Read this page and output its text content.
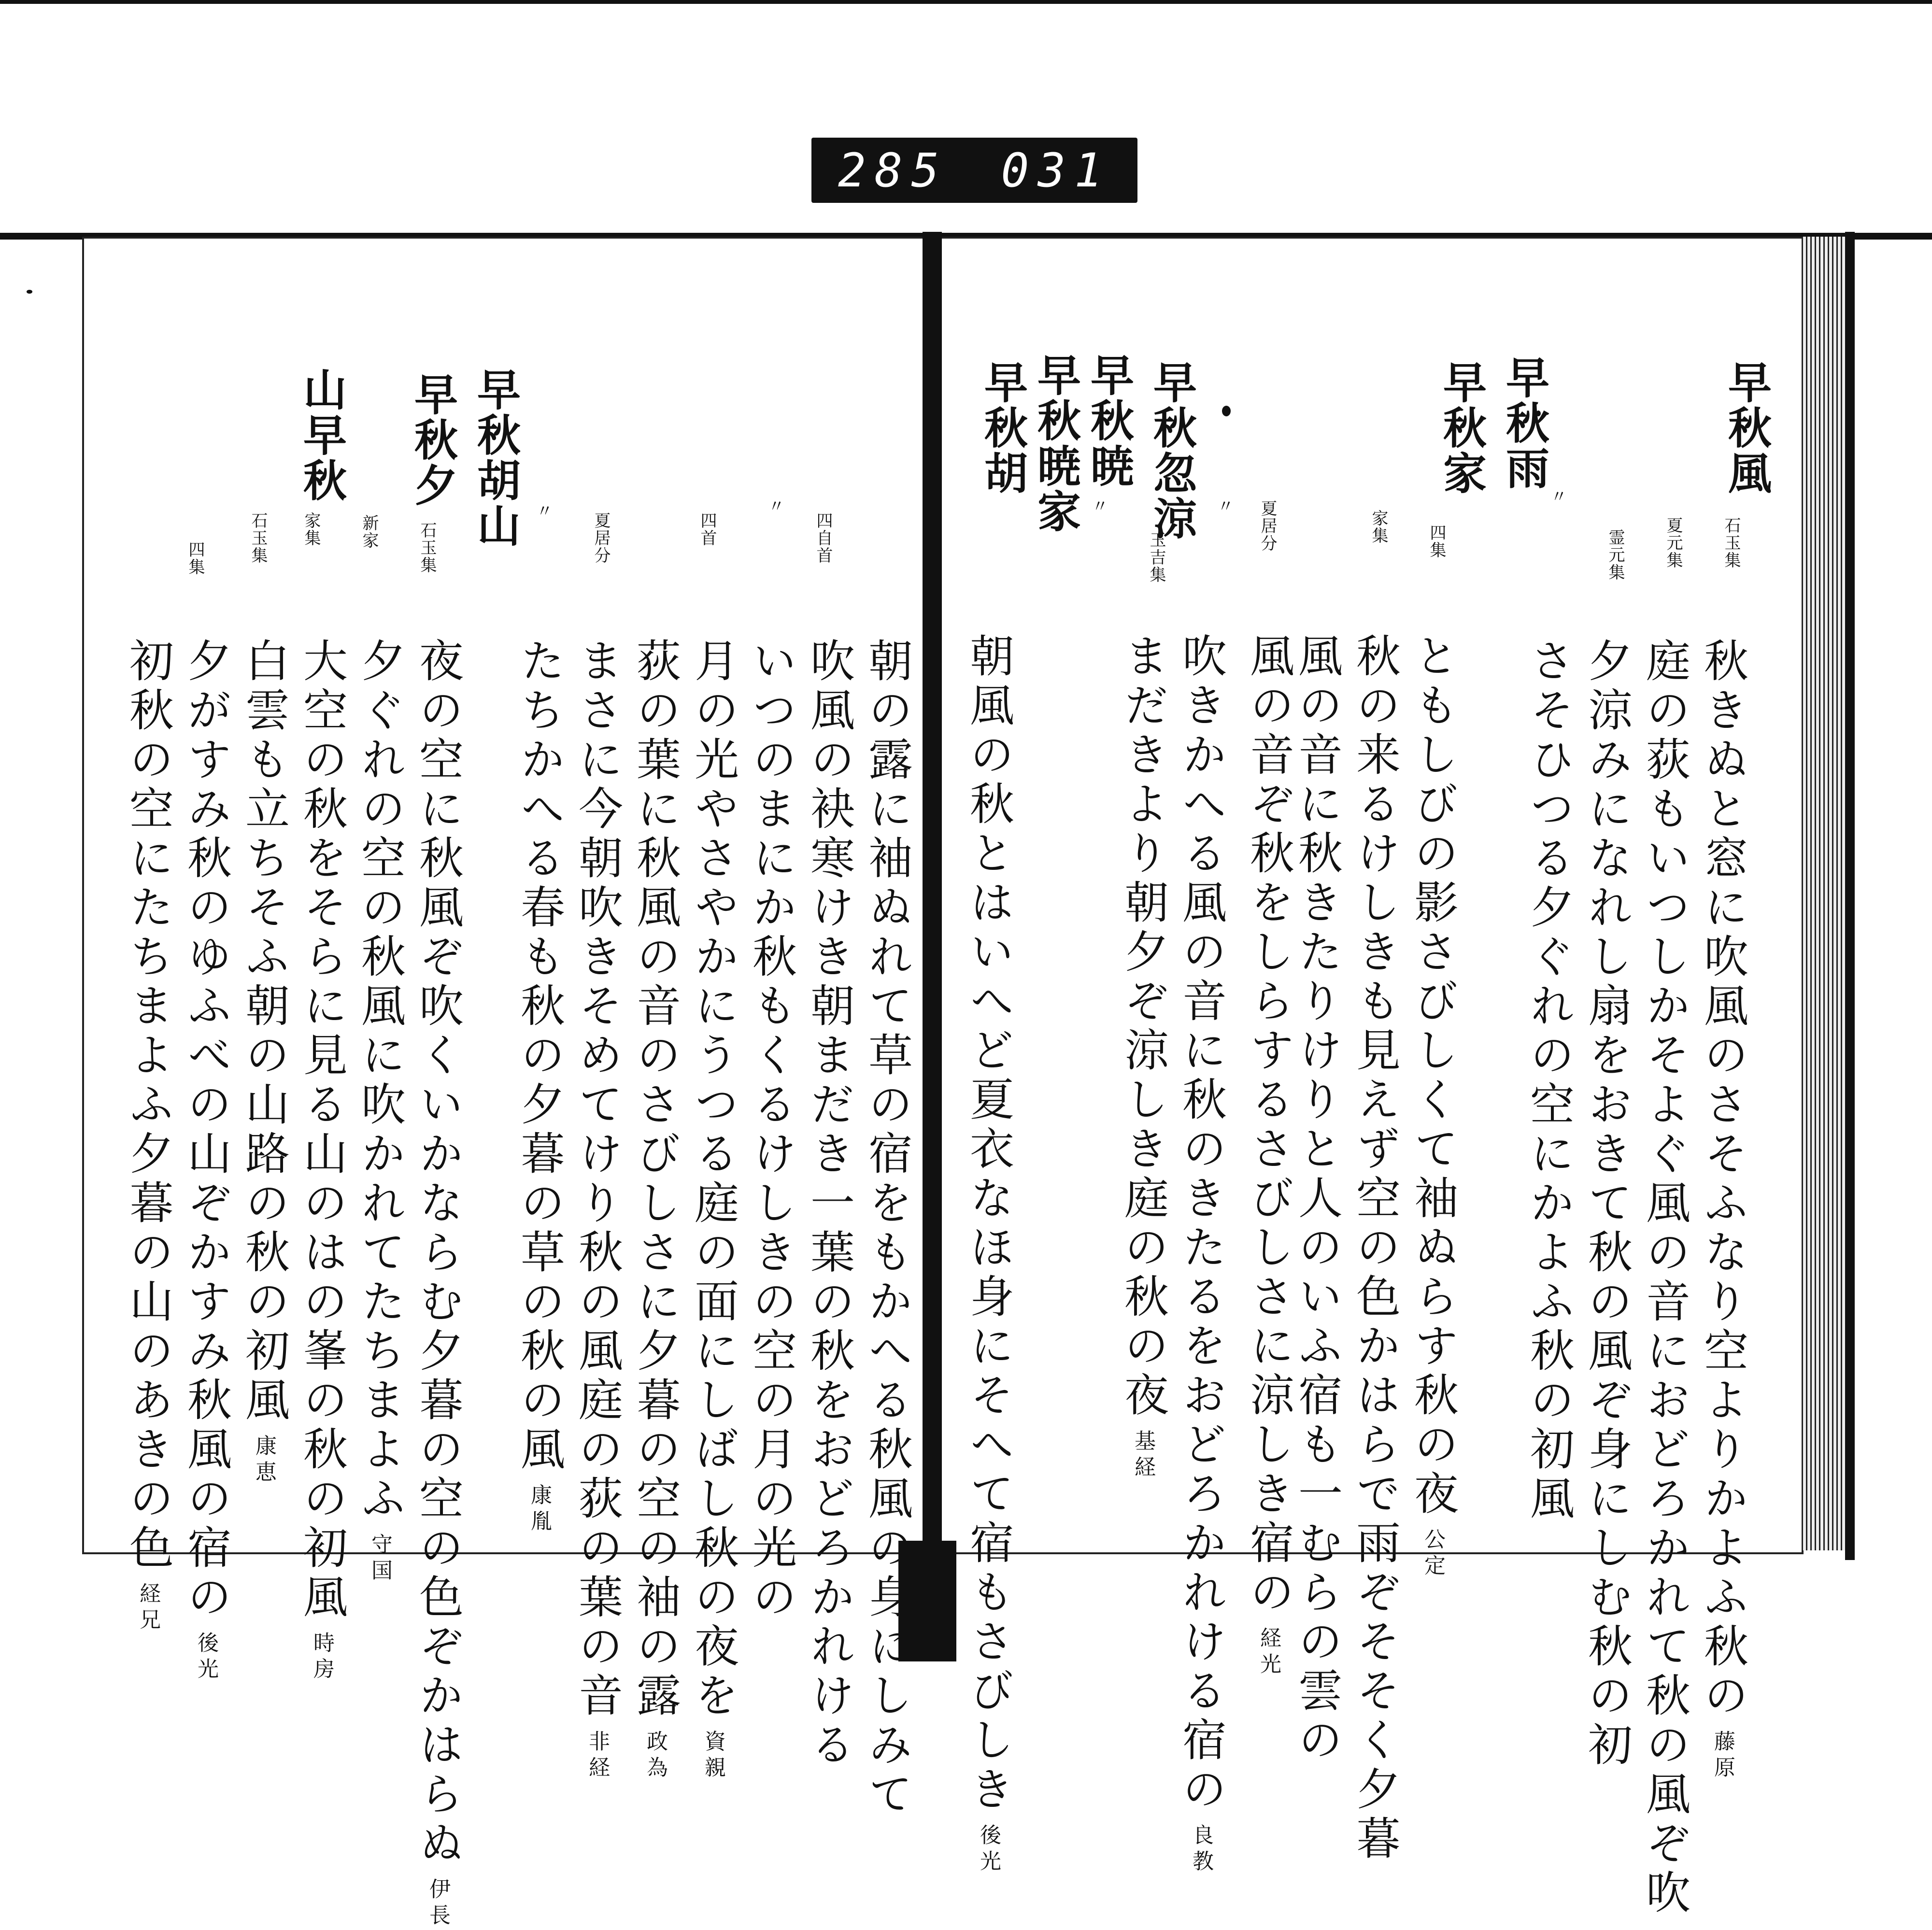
285 031
早秋風
早秋雨
早秋家
早秋忽涼
早秋暁
早秋暁家
早秋胡
石玉集
夏元集
霊元集
〃
四集
家集
夏居分
〃
玉吉集
〃
秋きぬと窓に吹風のさそふなり空よりかよふ秋の藤原
庭の荻もいつしかそよぐ風の音におどろかれて秋の風ぞ吹
夕涼みになれし扇をおきて秋の風ぞ身にしむ秋の初
さそひつる夕ぐれの空にかよふ秋の初風
ともしびの影さびしくて袖ぬらす秋の夜公定
秋の来るけしきも見えず空の色かはらで雨ぞそそく夕暮
風の音に秋きたりけりと人のいふ宿も一むらの雲の
風の音ぞ秋をしらするさびしさに涼しき宿の経光
吹きかへる風の音に秋のきたるをおどろかれける宿の良教
まだきより朝夕ぞ涼しき庭の秋の夜基経
朝風の秋とはいへど夏衣なほ身にそへて宿もさびしき後光
早秋胡山
早秋夕
山早秋
四自首
〃
四首
夏居分
〃
石玉集
新家
家集
石玉集
四集
朝の露に袖ぬれて草の宿をもかへる秋風の身にしみて
吹風の袂寒けき朝まだき一葉の秋をおどろかれける
いつのまにか秋もくるけしきの空の月の光の
月の光やさやかにうつる庭の面にしばし秋の夜を資親
荻の葉に秋風の音のさびしさに夕暮の空の袖の露政為
まさに今朝吹きそめてけり秋の風庭の荻の葉の音非経
たちかへる春も秋の夕暮の草の秋の風康胤
夜の空に秋風ぞ吹くいかならむ夕暮の空の色ぞかはらぬ伊長
夕ぐれの空の秋風に吹かれてたちまよふ守国
大空の秋をそらに見る山のはの峯の秋の初風時房
白雲も立ちそふ朝の山路の秋の初風康恵
夕がすみ秋のゆふべの山ぞかすみ秋風の宿の後光
初秋の空にたちまよふ夕暮の山のあきの色経兄
